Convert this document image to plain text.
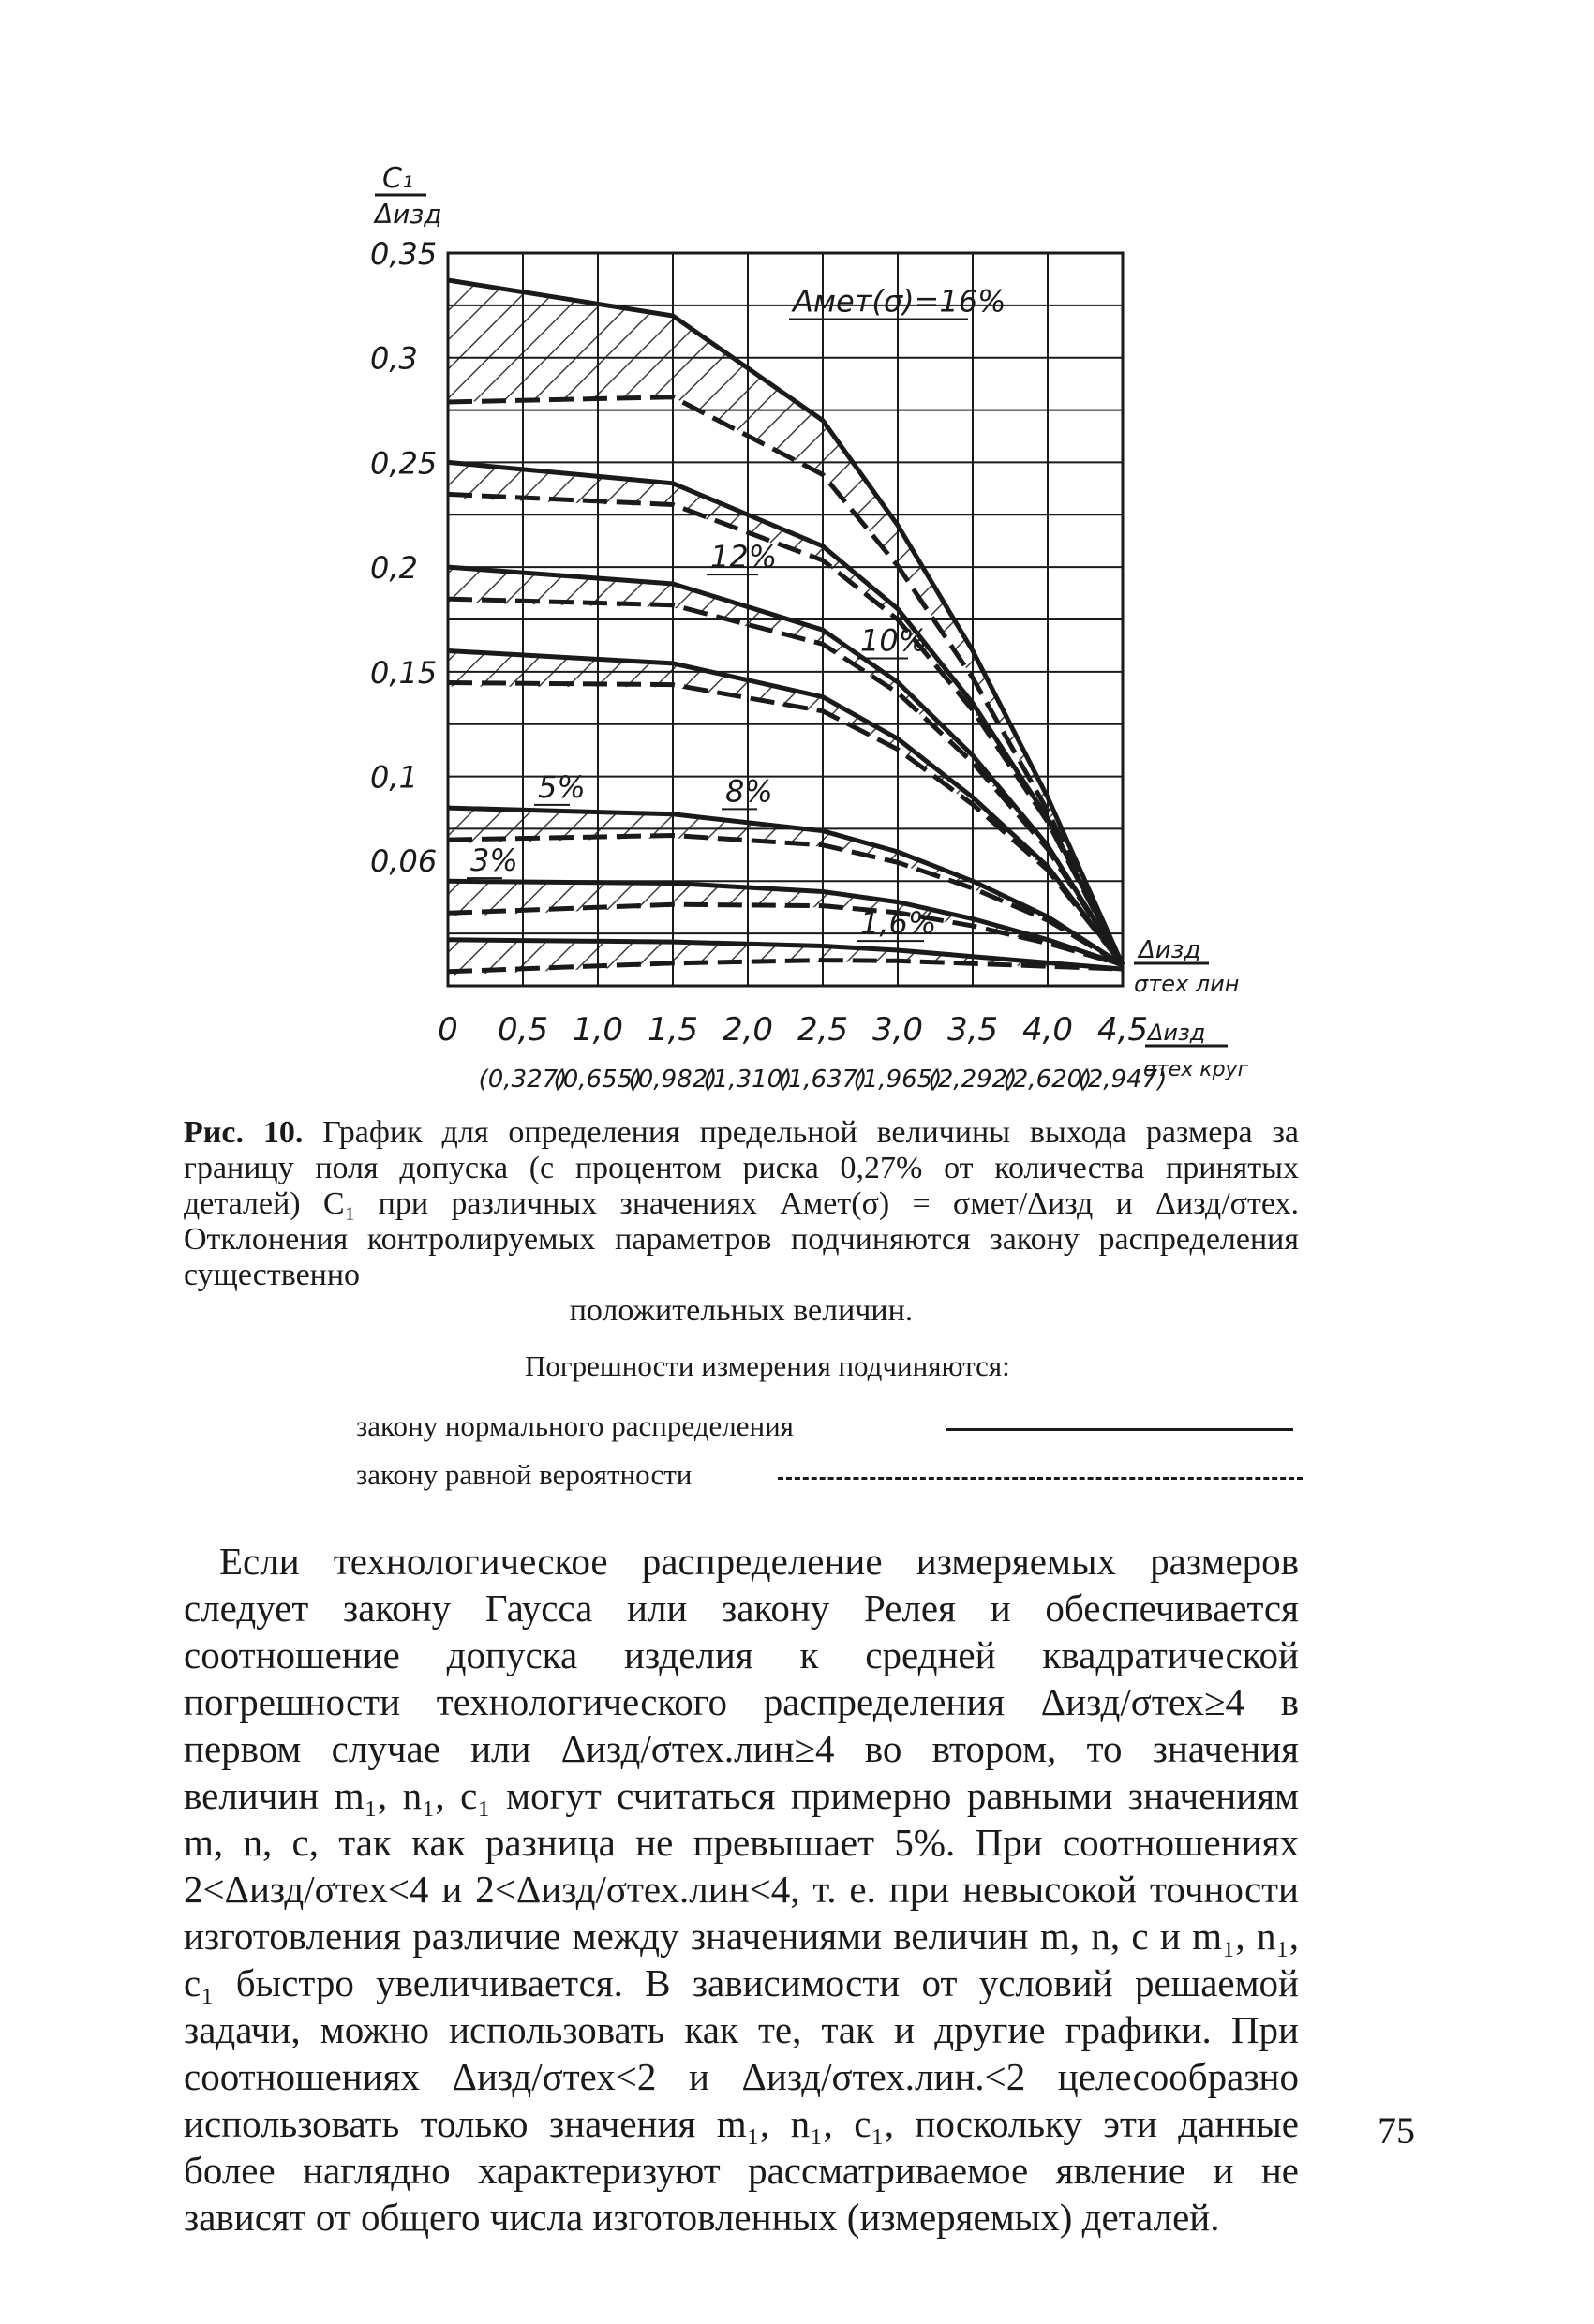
0,35
0,3
0,25
0,2
0,15
0,1
0,06
0 0,5 1,0 1,5 2,0 2,5 3,0 3,5 4,0 4,5
(0,327)
(0,655)
(0,982)
(1,310)
(1,637)
(1,965)
(2,292)
(2,620)
(2,947)
Aмет(σ)=16%
12%
10%
8%
5%
3%
1,6%
C₁
Δизд
Δизд
σтех лин
Δизд
σтех круг
Рис. 10. График для определения предельной величины выхода размера за границу поля допуска (с процентом риска 0,27% от количества принятых деталей) C₁ при различных значениях Aмет(σ) = σмет/Δизд и Δизд/σтех. Отклонения контролируемых параметров подчиняются закону распределения существенно
положительных величин.
Погрешности измерения подчиняются:
закону нормального распределения
закону равной вероятности

Если технологическое распределение измеряемых размеров следует закону Гаусса или закону Релея и обеспечивается соотношение допуска изделия к средней квадратической погрешности технологического распределения Δизд/σтех≥4 в первом случае или Δизд/σтех.лин≥4 во втором, то значения величин m₁, n₁, c₁ могут считаться примерно равными значениям m, n, c, так как разница не превышает 5%. При соотношениях 2<Δизд/σтех<4 и 2<Δизд/σтех.лин<4, т. е. при невысокой точности изготовления различие между значениями величин m, n, c и m₁, n₁, c₁ быстро увеличивается. В зависимости от условий решаемой задачи, можно использовать как те, так и другие графики. При соотношениях Δизд/σтех<2 и Δизд/σтех.лин.<2 целесообразно использовать только значения m₁, n₁, c₁, поскольку эти данные более наглядно характеризуют рассматриваемое явление и не зависят от общего числа изготовленных (измеряемых) деталей.

75
